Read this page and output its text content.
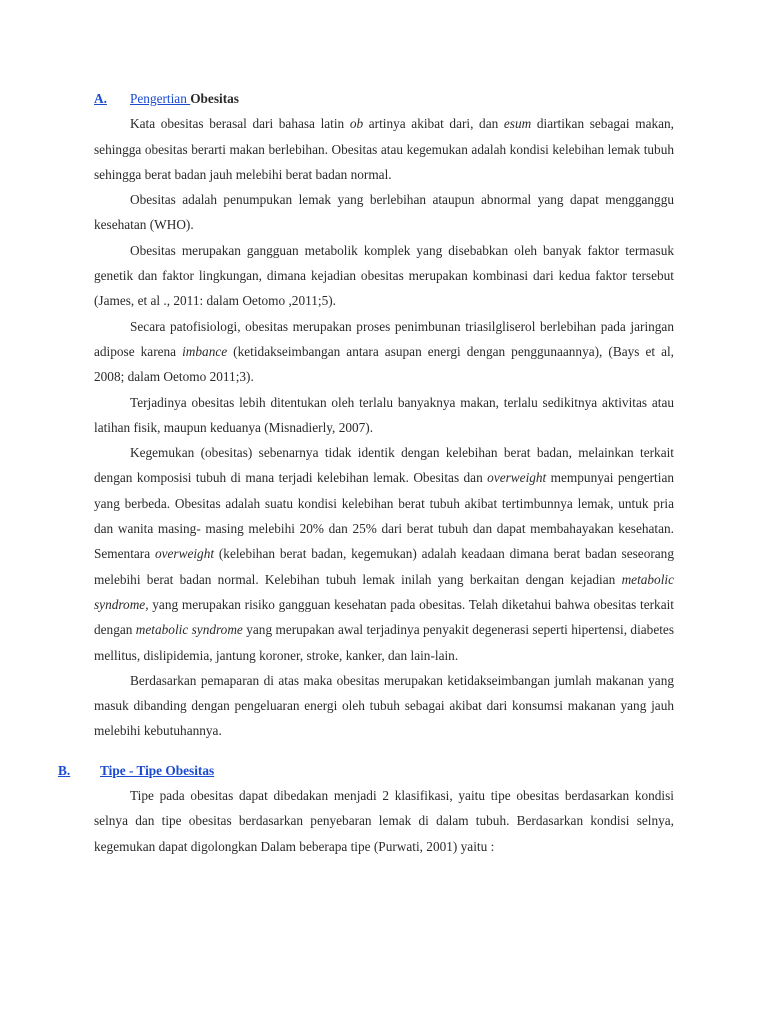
A. Pengertian Obesitas

Kata obesitas berasal dari bahasa latin ob artinya akibat dari, dan esum diartikan sebagai makan, sehingga obesitas berarti makan berlebihan. Obesitas atau kegemukan adalah kondisi kelebihan lemak tubuh sehingga berat badan jauh melebihi berat badan normal.

Obesitas adalah penumpukan lemak yang berlebihan ataupun abnormal yang dapat mengganggu kesehatan (WHO).

Obesitas merupakan gangguan metabolik komplek yang disebabkan oleh banyak faktor termasuk genetik dan faktor lingkungan, dimana kejadian obesitas merupakan kombinasi dari kedua faktor tersebut (James, et al ., 2011: dalam Oetomo ,2011;5).

Secara patofisiologi, obesitas merupakan proses penimbunan triasilgliserol berlebihan pada jaringan adipose karena imbance (ketidakseimbangan antara asupan energi dengan penggunaannya), (Bays et al, 2008; dalam Oetomo 2011;3).

Terjadinya obesitas lebih ditentukan oleh terlalu banyaknya makan, terlalu sedikitnya aktivitas atau latihan fisik, maupun keduanya (Misnadierly, 2007).

Kegemukan (obesitas) sebenarnya tidak identik dengan kelebihan berat badan, melainkan terkait dengan komposisi tubuh di mana terjadi kelebihan lemak. Obesitas dan overweight mempunyai pengertian yang berbeda. Obesitas adalah suatu kondisi kelebihan berat tubuh akibat tertimbunnya lemak, untuk pria dan wanita masing- masing melebihi 20% dan 25% dari berat tubuh dan dapat membahayakan kesehatan. Sementara overweight (kelebihan berat badan, kegemukan) adalah keadaan dimana berat badan seseorang melebihi berat badan normal. Kelebihan tubuh lemak inilah yang berkaitan dengan kejadian metabolic syndrome, yang merupakan risiko gangguan kesehatan pada obesitas. Telah diketahui bahwa obesitas terkait dengan metabolic syndrome yang merupakan awal terjadinya penyakit degenerasi seperti hipertensi, diabetes mellitus, dislipidemia, jantung koroner, stroke, kanker, dan lain-lain.

Berdasarkan pemaparan di atas maka obesitas merupakan ketidakseimbangan jumlah makanan yang masuk dibanding dengan pengeluaran energi oleh tubuh sebagai akibat dari konsumsi makanan yang jauh melebihi kebutuhannya.

B. Tipe - Tipe Obesitas

Tipe pada obesitas dapat dibedakan menjadi 2 klasifikasi, yaitu tipe obesitas berdasarkan kondisi selnya dan tipe obesitas berdasarkan penyebaran lemak di dalam tubuh. Berdasarkan kondisi selnya, kegemukan dapat digolongkan Dalam beberapa tipe (Purwati, 2001) yaitu :
